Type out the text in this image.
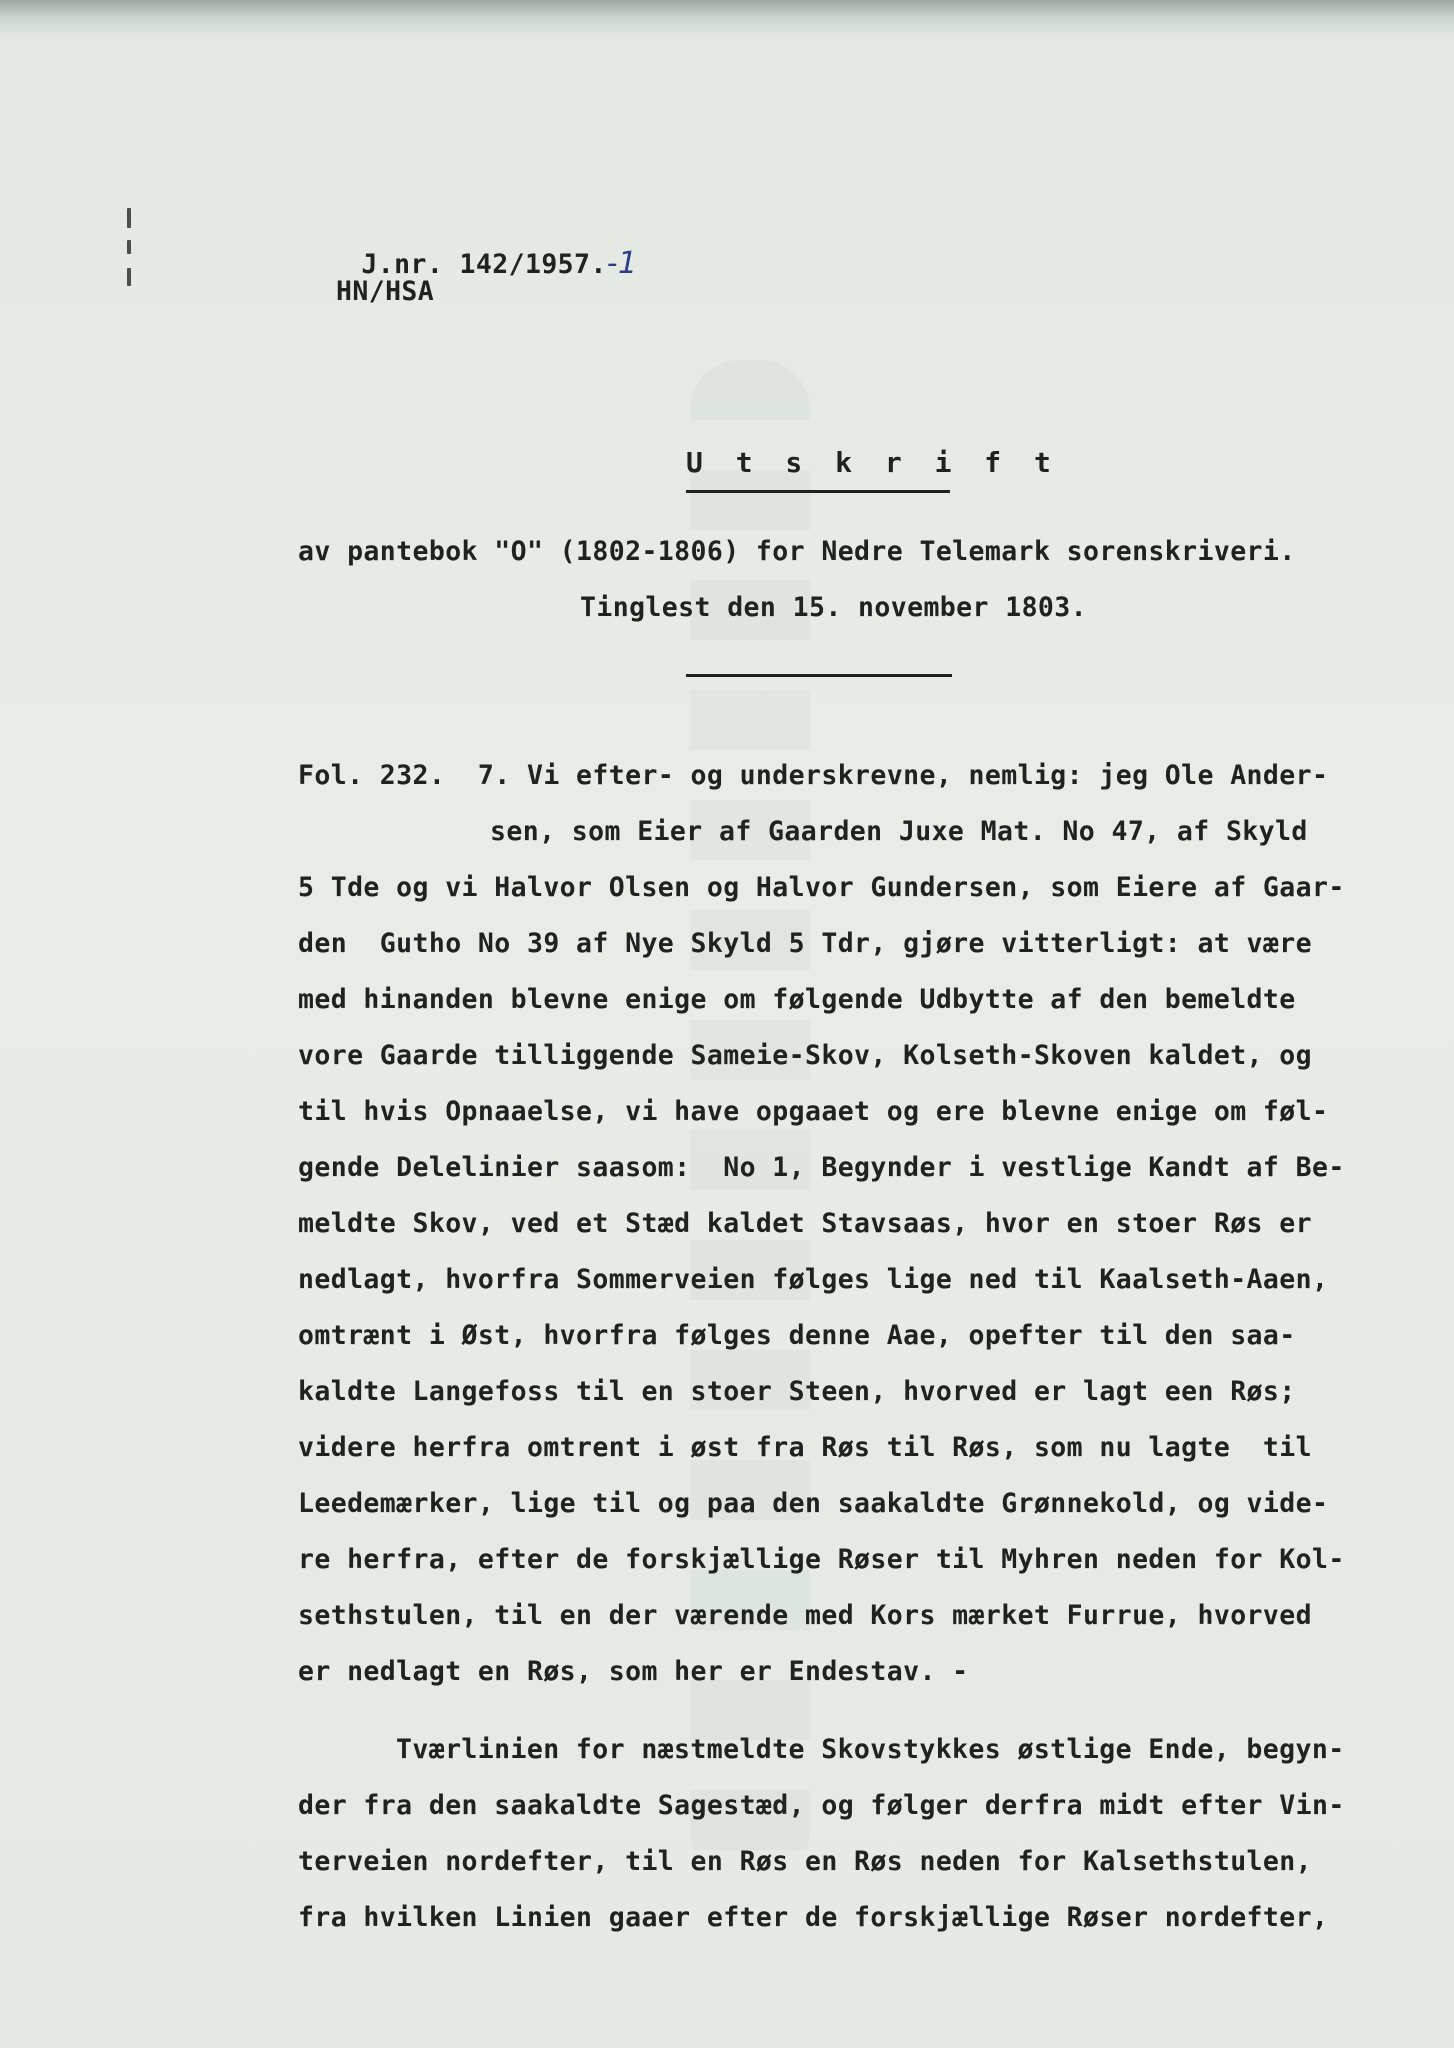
J.nr. 142/1957.-1

HN/HSA
U t s k r i f t
av pantebok "O" (1802-1806) for Nedre Telemark sorenskriveri.
Tinglest den 15. november 1803.
Fol. 232.  7. Vi efter- og underskrevne, nemlig: jeg Ole Ander-
sen, som Eier af Gaarden Juxe Mat. No 47, af Skyld
5 Tde og vi Halvor Olsen og Halvor Gundersen, som Eiere af Gaar-
den  Gutho No 39 af Nye Skyld 5 Tdr, gjøre vitterligt: at være
med hinanden blevne enige om følgende Udbytte af den bemeldte
vore Gaarde tilliggende Sameie-Skov, Kolseth-Skoven kaldet, og
til hvis Opnaaelse, vi have opgaaet og ere blevne enige om føl-
gende Delelinier saasom:  No 1, Begynder i vestlige Kandt af Be-
meldte Skov, ved et Stæd kaldet Stavsaas, hvor en stoer Røs er
nedlagt, hvorfra Sommerveien følges lige ned til Kaalseth-Aaen,
omtrænt i Øst, hvorfra følges denne Aae, opefter til den saa-
kaldte Langefoss til en stoer Steen, hvorved er lagt een Røs;
videre herfra omtrent i øst fra Røs til Røs, som nu lagte  til
Leedemærker, lige til og paa den saakaldte Grønnekold, og vide-
re herfra, efter de forskjællige Røser til Myhren neden for Kol-
sethstulen, til en der værende med Kors mærket Furrue, hvorved
er nedlagt en Røs, som her er Endestav. -
Tværlinien for næstmeldte Skovstykkes østlige Ende, begyn-
der fra den saakaldte Sagestæd, og følger derfra midt efter Vin-
terveien nordefter, til en Røs en Røs neden for Kalsethstulen,
fra hvilken Linien gaaer efter de forskjællige Røser nordefter,
